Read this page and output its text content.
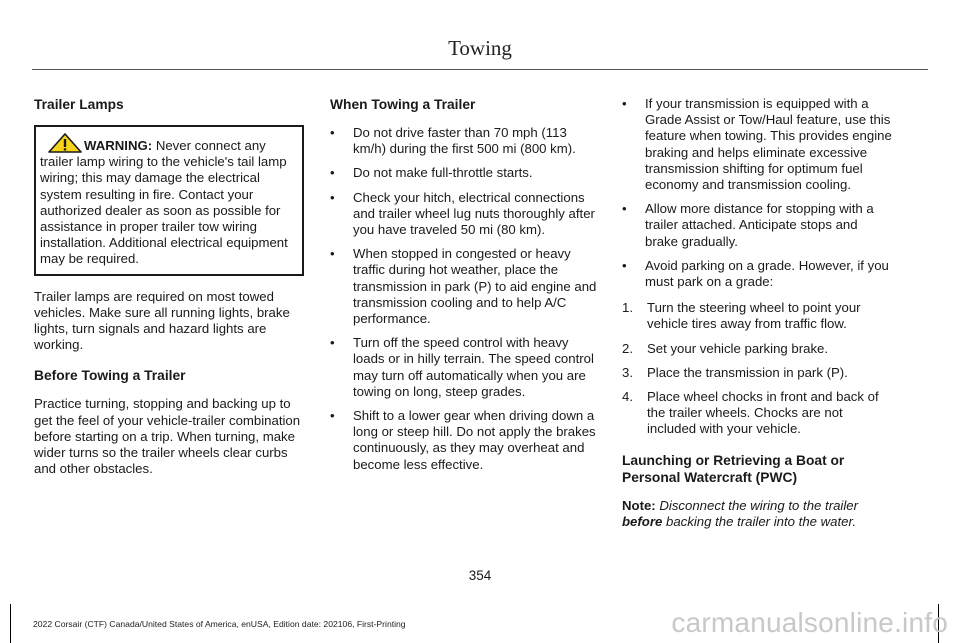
Towing
Trailer Lamps
WARNING: Never connect any trailer lamp wiring to the vehicle's tail lamp wiring; this may damage the electrical system resulting in fire. Contact your authorized dealer as soon as possible for assistance in proper trailer tow wiring installation. Additional electrical equipment may be required.

Trailer lamps are required on most towed vehicles. Make sure all running lights, brake lights, turn signals and hazard lights are working.

Before Towing a Trailer

Practice turning, stopping and backing up to get the feel of your vehicle-trailer combination before starting on a trip. When turning, make wider turns so the trailer wheels clear curbs and other obstacles.

When Towing a Trailer
• Do not drive faster than 70 mph (113 km/h) during the first 500 mi (800 km).
• Do not make full-throttle starts.
• Check your hitch, electrical connections and trailer wheel lug nuts thoroughly after you have traveled 50 mi (80 km).
• When stopped in congested or heavy traffic during hot weather, place the transmission in park (P) to aid engine and transmission cooling and to help A/C performance.
• Turn off the speed control with heavy loads or in hilly terrain. The speed control may turn off automatically when you are towing on long, steep grades.
• Shift to a lower gear when driving down a long or steep hill. Do not apply the brakes continuously, as they may overheat and become less effective.
• If your transmission is equipped with a Grade Assist or Tow/Haul feature, use this feature when towing. This provides engine braking and helps eliminate excessive transmission shifting for optimum fuel economy and transmission cooling.
• Allow more distance for stopping with a trailer attached. Anticipate stops and brake gradually.
• Avoid parking on a grade. However, if you must park on a grade:
1. Turn the steering wheel to point your vehicle tires away from traffic flow.
2. Set your vehicle parking brake.
3. Place the transmission in park (P).
4. Place wheel chocks in front and back of the trailer wheels. Chocks are not included with your vehicle.
Launching or Retrieving a Boat or Personal Watercraft (PWC)

Note: Disconnect the wiring to the trailer before backing the trailer into the water.

354
2022 Corsair (CTF) Canada/United States of America, enUSA, Edition date: 202106, First-Printing	carmanualsonline.info
